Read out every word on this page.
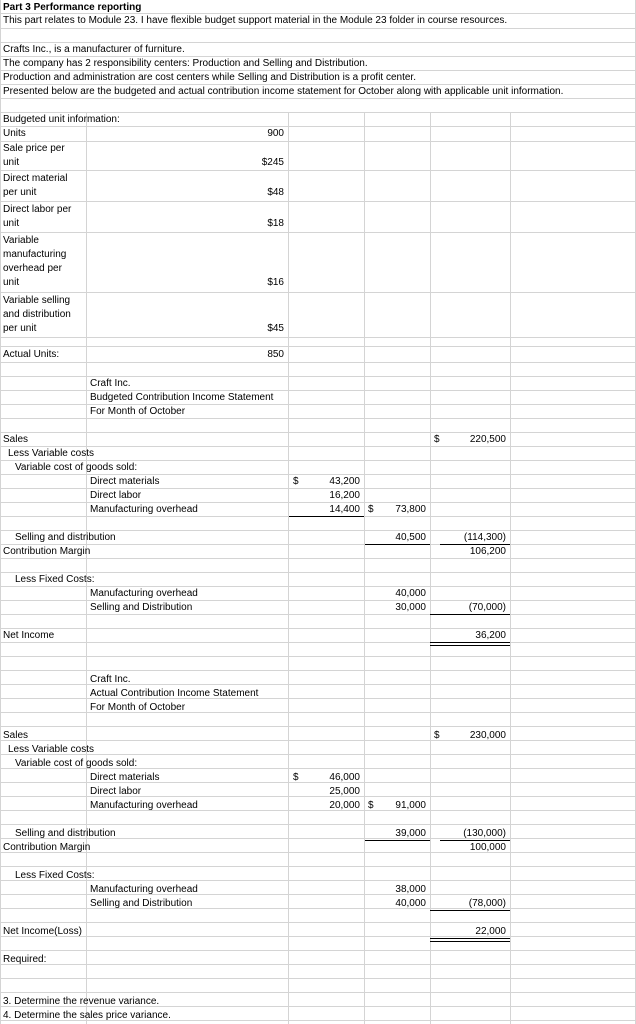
Part 3 Performance reporting
This part relates to Module 23. I have flexible budget support material in the Module 23 folder in course resources.
Crafts Inc., is a manufacturer of furniture.
The company has 2 responsibility centers: Production and Selling and Distribution.
Production and administration are cost centers while Selling and Distribution is a profit center.
Presented below are the budgeted and actual contribution income statement for October along with applicable unit information.
Budgeted unit information:
Units	900
Sale price per
unit	$245
Direct material
per unit	$48
Direct labor per
unit	$18
Variable
manufacturing
overhead per
unit	$16
Variable selling
and distribution
per unit	$45
Actual Units:	850
Craft Inc.
Budgeted Contribution Income Statement
For Month of October
Sales	$	220,500
Less Variable costs
Variable cost of goods sold:
Direct materials	$	43,200
Direct labor	16,200
Manufacturing overhead	14,400 $	73,800
Selling and distribution	40,500	(114,300)
Contribution Margin	106,200
Less Fixed Costs:
Manufacturing overhead	40,000
Selling and Distribution	30,000	(70,000)
Net Income	36,200
Craft Inc.
Actual Contribution Income Statement
For Month of October
Sales	$	230,000
Less Variable costs
Variable cost of goods sold:
Direct materials	$	46,000
Direct labor	25,000
Manufacturing overhead	20,000 $	91,000
Selling and distribution	39,000	(130,000)
Contribution Margin	100,000
Less Fixed Costs:
Manufacturing overhead	38,000
Selling and Distribution	40,000	(78,000)
Net Income(Loss)	22,000
Required:
3. Determine the revenue variance.
4. Determine the sales price variance.
